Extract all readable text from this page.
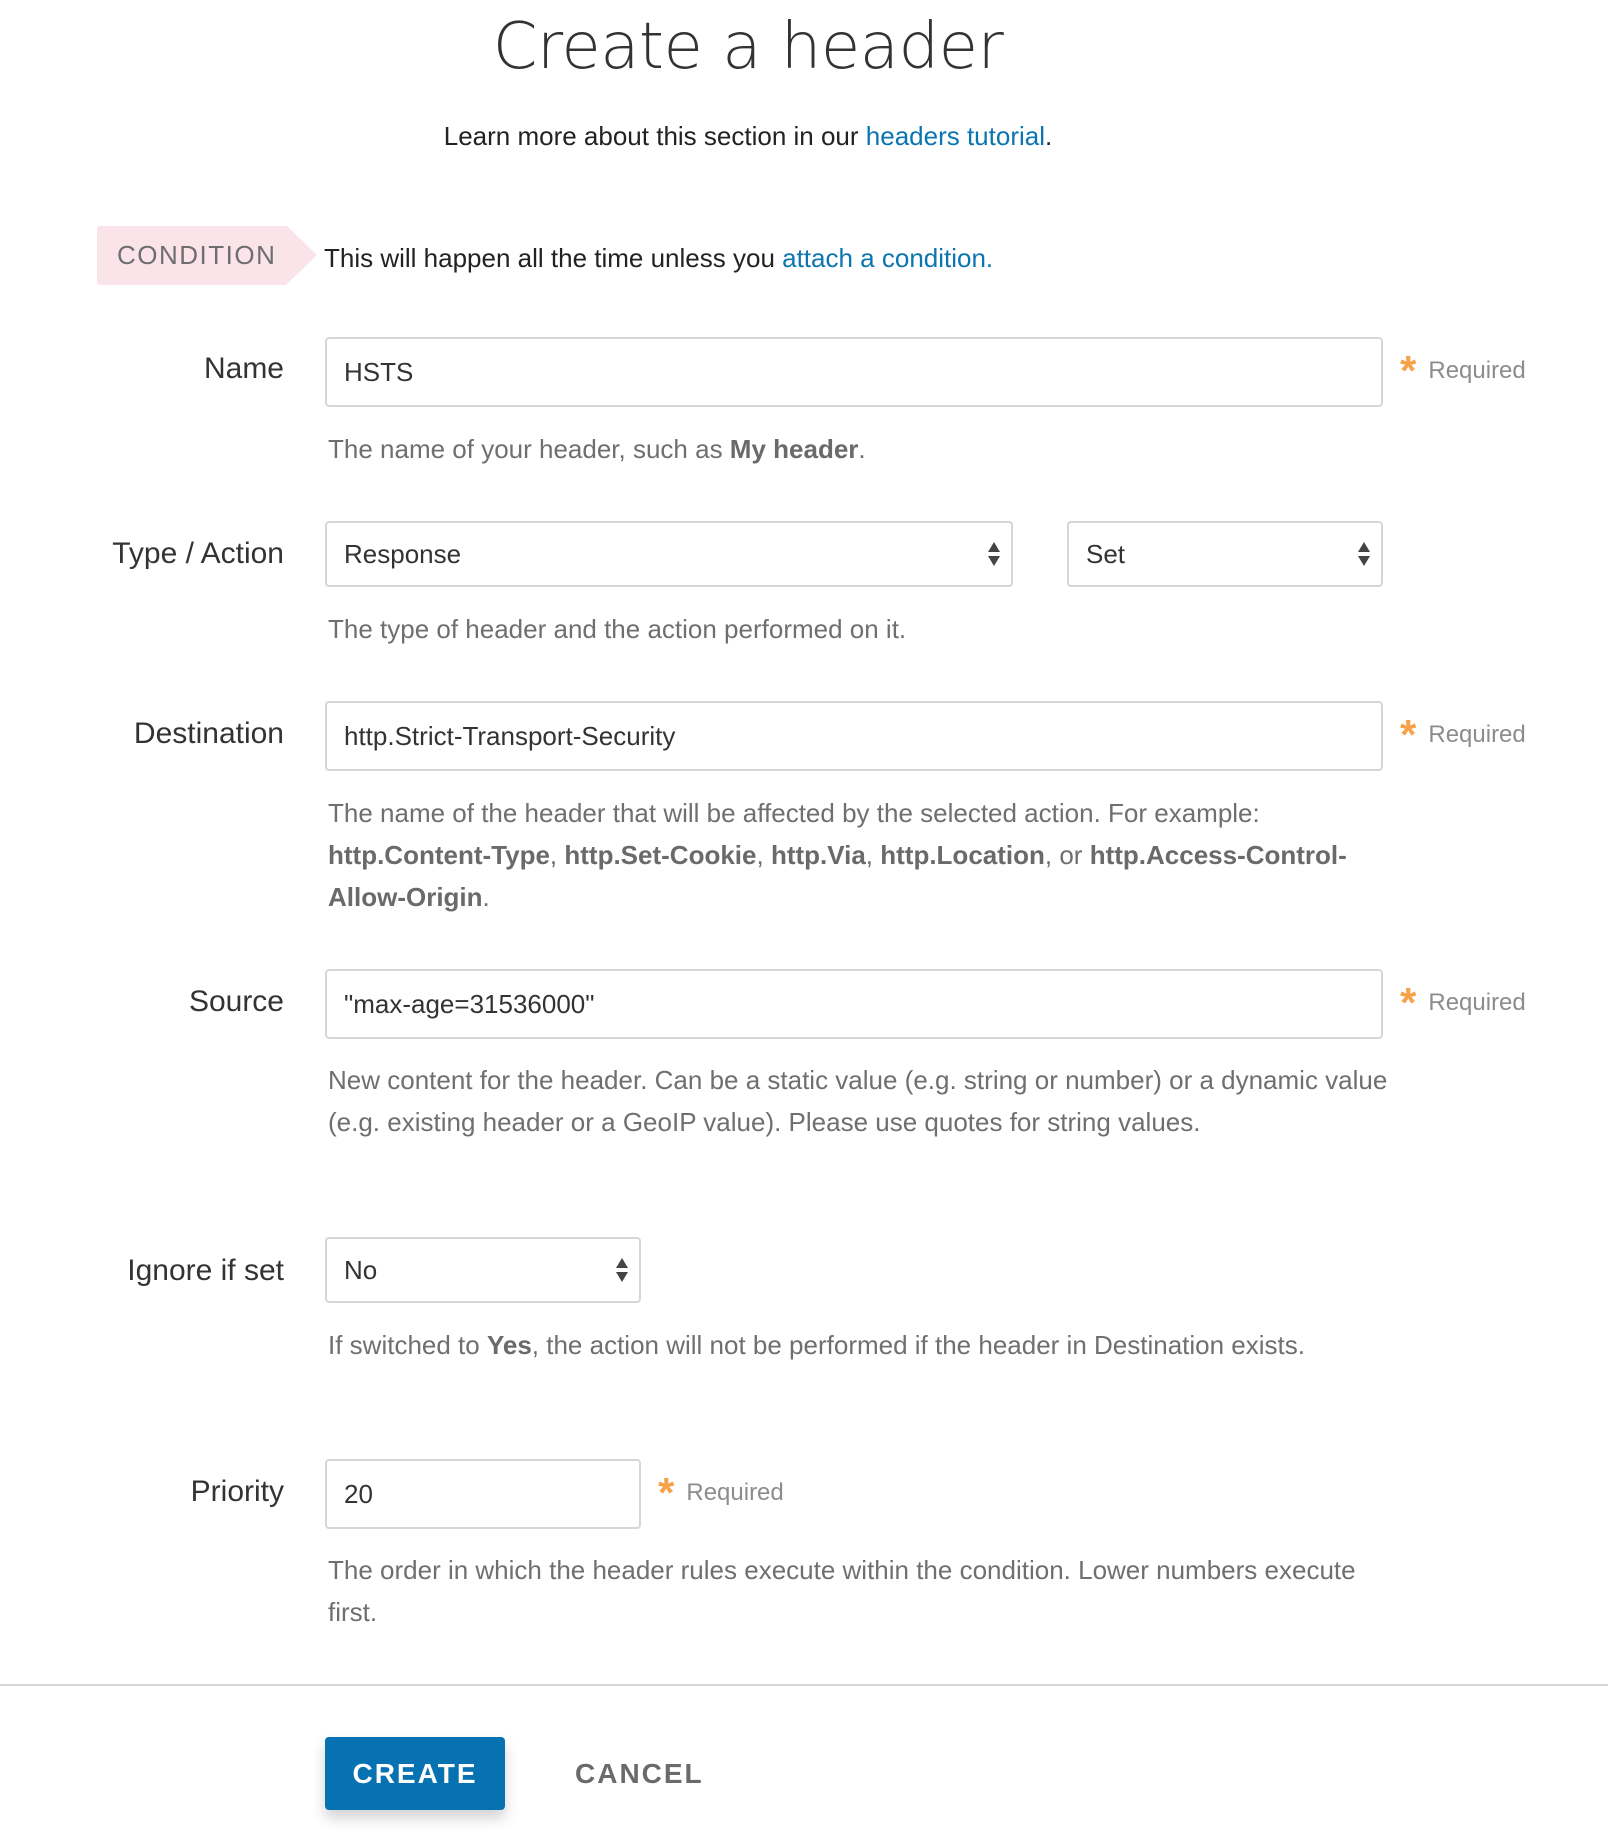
Create a header
Learn more about this section in our headers tutorial.
CONDITION This will happen all the time unless you attach a condition.
Name HSTS	* Required
The name of your header, such as My header.
Type / Action Response	Set
The type of header and the action performed on it.
Destination http.Strict-Transport-Security	* Required
The name of the header that will be affected by the selected action. For example: http.Content-Type, http.Set-Cookie, http.Via, http.Location, or http.Access-Control-Allow-Origin.
Source "max-age=31536000"	* Required
New content for the header. Can be a static value (e.g. string or number) or a dynamic value (e.g. existing header or a GeoIP value). Please use quotes for string values.
Ignore if set No
If switched to Yes, the action will not be performed if the header in Destination exists.
Priority 20	* Required
The order in which the header rules execute within the condition. Lower numbers execute first.
CREATE	CANCEL
